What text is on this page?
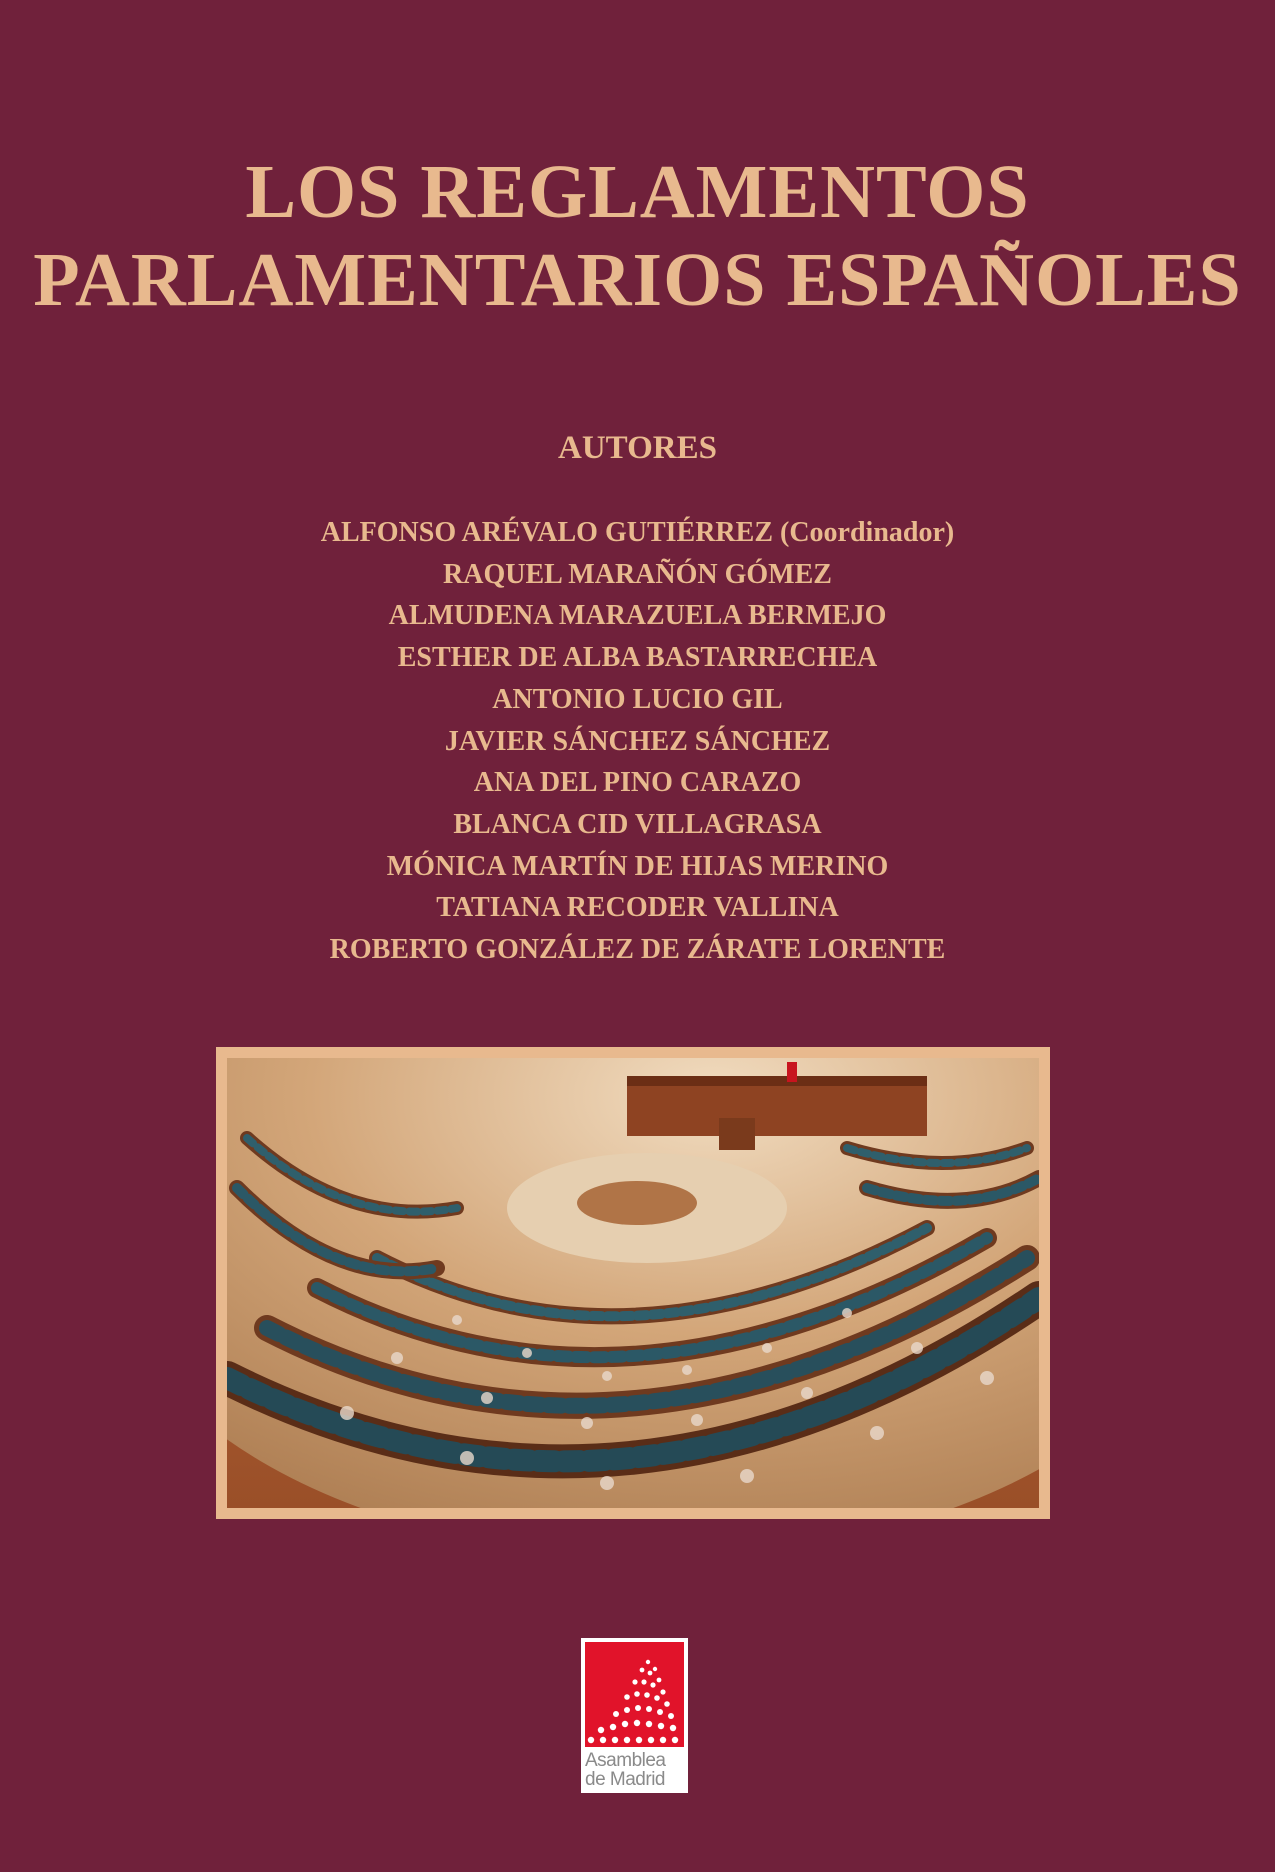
LOS REGLAMENTOS
PARLAMENTARIOS ESPAÑOLES
AUTORES
ALFONSO ARÉVALO GUTIÉRREZ (Coordinador)
RAQUEL MARAÑÓN GÓMEZ
ALMUDENA MARAZUELA BERMEJO
ESTHER DE ALBA BASTARRECHEA
ANTONIO LUCIO GIL
JAVIER SÁNCHEZ SÁNCHEZ
ANA DEL PINO CARAZO
BLANCA CID VILLAGRASA
MÓNICA MARTÍN DE HIJAS MERINO
TATIANA RECODER VALLINA
ROBERTO GONZÁLEZ DE ZÁRATE LORENTE
Asamblea
de Madrid
